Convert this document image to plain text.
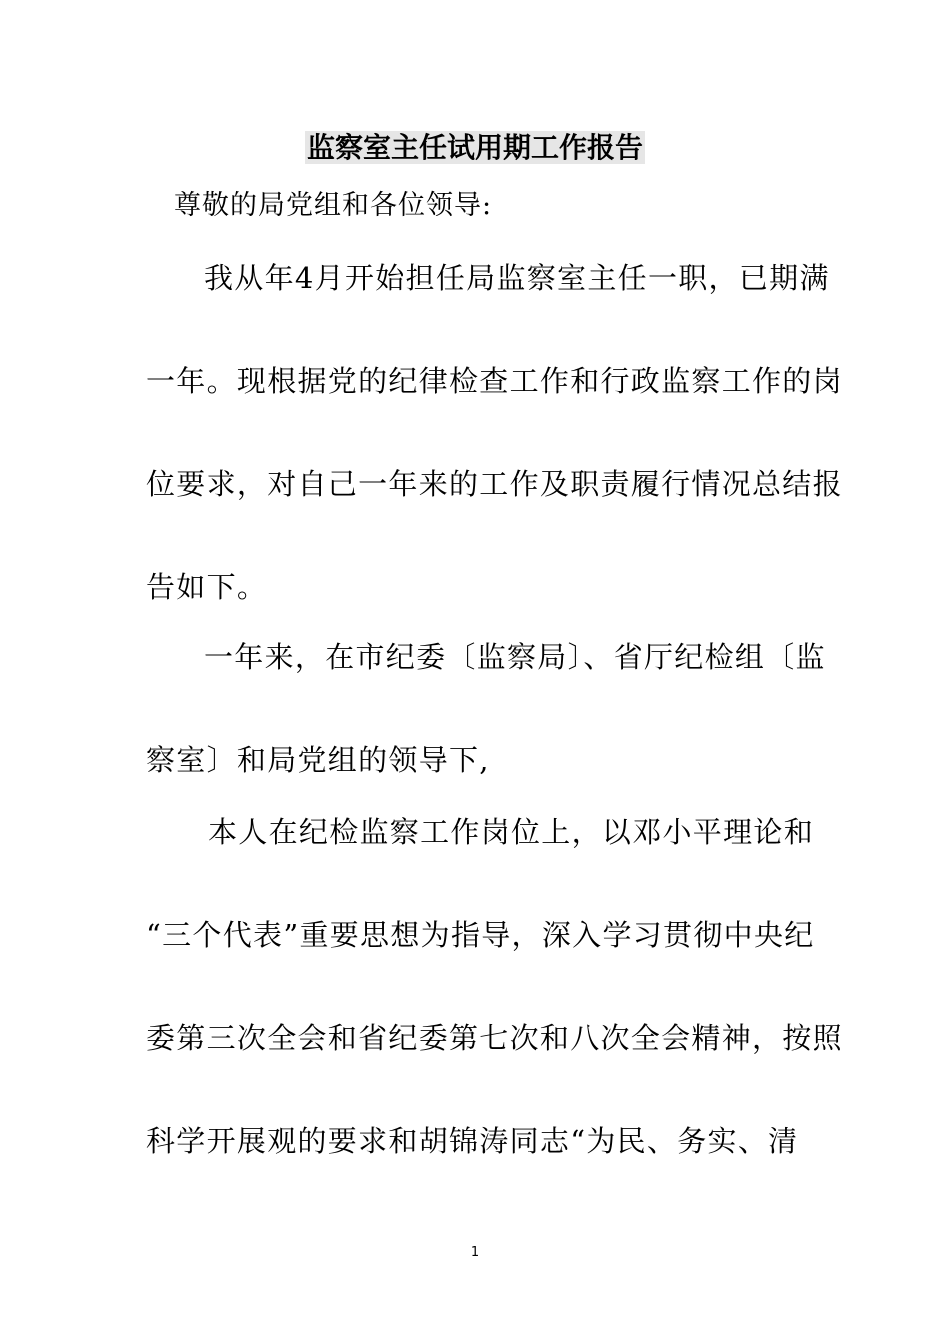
监察室主任试用期工作报告
尊敬的局党组和各位领导:
我从年4月开始担任局监察室主任一职，已期满
一年。现根据党的纪律检查工作和行政监察工作的岗
位要求，对自己一年来的工作及职责履行情况总结报
告如下。
一年来，在市纪委〔监察局〕、省厅纪检组〔监
察室〕和局党组的领导下,
本人在纪检监察工作岗位上，以邓小平理论和
“三个代表”重要思想为指导，深入学习贯彻中央纪
委第三次全会和省纪委第七次和八次全会精神，按照
科学开展观的要求和胡锦涛同志“为民、务实、清
1
